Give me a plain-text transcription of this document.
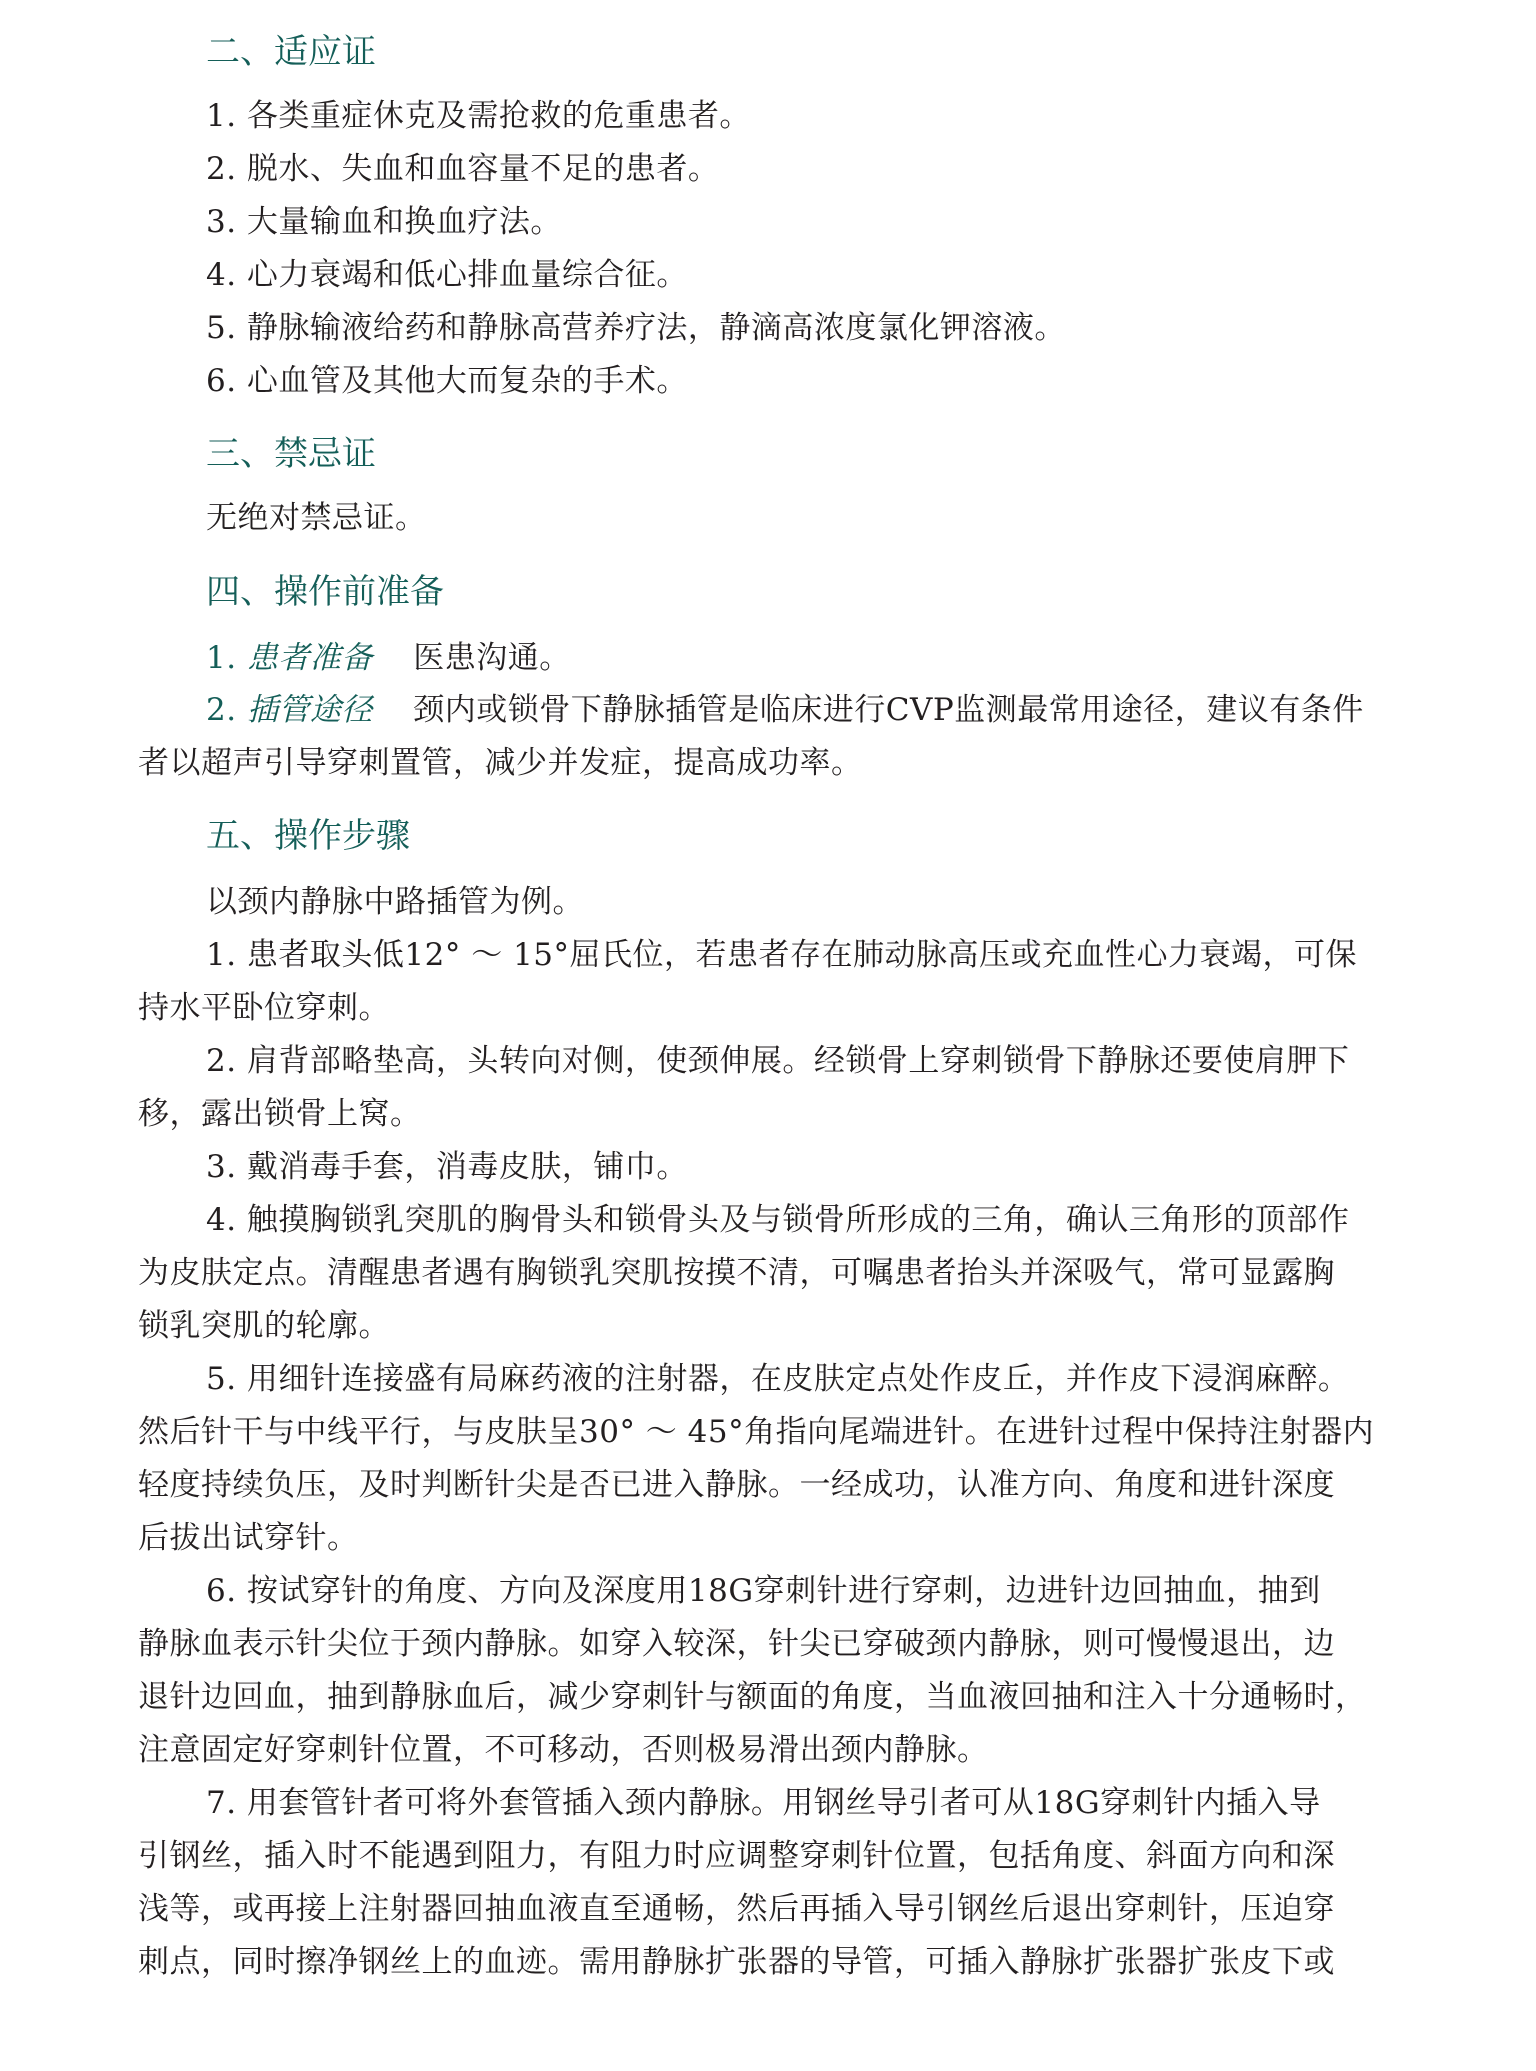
二、适应证
1. 各类重症休克及需抢救的危重患者。
2. 脱水、失血和血容量不足的患者。
3. 大量输血和换血疗法。
4. 心力衰竭和低心排血量综合征。
5. 静脉输液给药和静脉高营养疗法，静滴高浓度氯化钾溶液。
6. 心血管及其他大而复杂的手术。
三、禁忌证
无绝对禁忌证。
四、操作前准备
1. 患者准备 医患沟通。
2. 插管途径 颈内或锁骨下静脉插管是临床进行CVP监测最常用途径，建议有条件
者以超声引导穿刺置管，减少并发症，提高成功率。
五、操作步骤
以颈内静脉中路插管为例。
1. 患者取头低12° ～ 15°屈氏位，若患者存在肺动脉高压或充血性心力衰竭，可保
持水平卧位穿刺。
2. 肩背部略垫高，头转向对侧，使颈伸展。经锁骨上穿刺锁骨下静脉还要使肩胛下
移，露出锁骨上窝。
3. 戴消毒手套，消毒皮肤，铺巾。
4. 触摸胸锁乳突肌的胸骨头和锁骨头及与锁骨所形成的三角，确认三角形的顶部作
为皮肤定点。清醒患者遇有胸锁乳突肌按摸不清，可嘱患者抬头并深吸气，常可显露胸
锁乳突肌的轮廓。
5. 用细针连接盛有局麻药液的注射器，在皮肤定点处作皮丘，并作皮下浸润麻醉。
然后针干与中线平行，与皮肤呈30° ～ 45°角指向尾端进针。在进针过程中保持注射器内
轻度持续负压，及时判断针尖是否已进入静脉。一经成功，认准方向、角度和进针深度
后拔出试穿针。
6. 按试穿针的角度、方向及深度用18G穿刺针进行穿刺，边进针边回抽血，抽到
静脉血表示针尖位于颈内静脉。如穿入较深，针尖已穿破颈内静脉，则可慢慢退出，边
退针边回血，抽到静脉血后，减少穿刺针与额面的角度，当血液回抽和注入十分通畅时，
注意固定好穿刺针位置，不可移动，否则极易滑出颈内静脉。
7. 用套管针者可将外套管插入颈内静脉。用钢丝导引者可从18G穿刺针内插入导
引钢丝，插入时不能遇到阻力，有阻力时应调整穿刺针位置，包括角度、斜面方向和深
浅等，或再接上注射器回抽血液直至通畅，然后再插入导引钢丝后退出穿刺针，压迫穿
刺点，同时擦净钢丝上的血迹。需用静脉扩张器的导管，可插入静脉扩张器扩张皮下或
